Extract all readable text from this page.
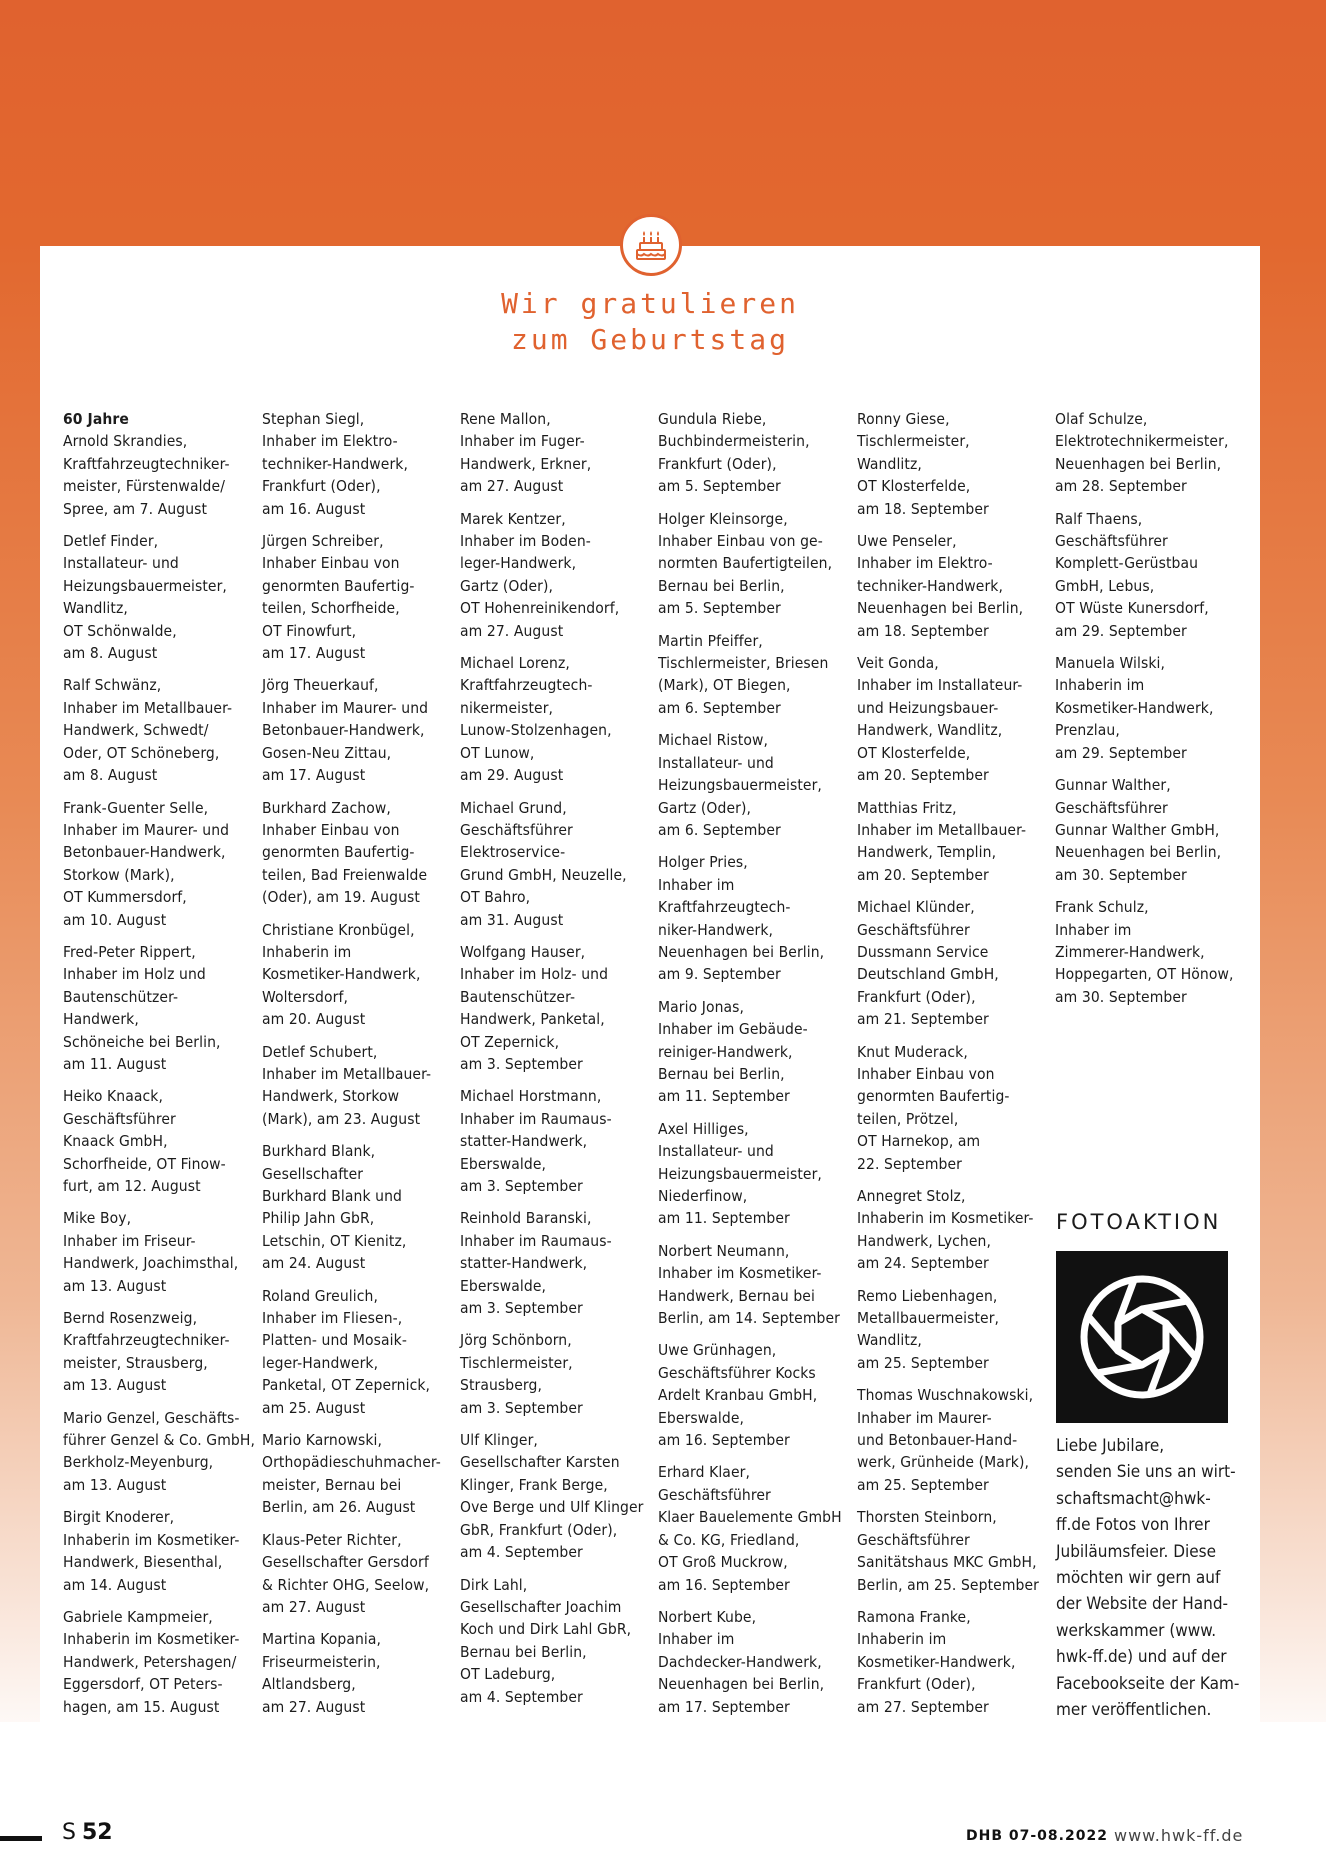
Wir gratulieren
zum Geburtstag
60 Jahre
Arnold Skrandies,
Kraftfahrzeugtechniker-
meister, Fürstenwalde/
Spree, am 7. August
Detlef Finder,
Installateur- und
Heizungsbauermeister,
Wandlitz,
OT Schönwalde,
am 8. August
Ralf Schwänz,
Inhaber im Metallbauer-
Handwerk, Schwedt/
Oder, OT Schöneberg,
am 8. August
Frank-Guenter Selle,
Inhaber im Maurer- und
Betonbauer-Handwerk,
Storkow (Mark),
OT Kummersdorf,
am 10. August
Fred-Peter Rippert,
Inhaber im Holz und
Bautenschützer-
Handwerk,
Schöneiche bei Berlin,
am 11. August
Heiko Knaack,
Geschäftsführer
Knaack GmbH,
Schorfheide, OT Finow-
furt, am 12. August
Mike Boy,
Inhaber im Friseur-
Handwerk, Joachimsthal,
am 13. August
Bernd Rosenzweig,
Kraftfahrzeugtechniker-
meister, Strausberg,
am 13. August
Mario Genzel, Geschäfts-
führer Genzel & Co. GmbH,
Berkholz-Meyenburg,
am 13. August
Birgit Knoderer,
Inhaberin im Kosmetiker-
Handwerk, Biesenthal,
am 14. August
Gabriele Kampmeier,
Inhaberin im Kosmetiker-
Handwerk, Petershagen/
Eggersdorf, OT Peters-
hagen, am 15. August
Stephan Siegl,
Inhaber im Elektro-
techniker-Handwerk,
Frankfurt (Oder),
am 16. August
Jürgen Schreiber,
Inhaber Einbau von
genormten Baufertig-
teilen, Schorfheide,
OT Finowfurt,
am 17. August
Jörg Theuerkauf,
Inhaber im Maurer- und
Betonbauer-Handwerk,
Gosen-Neu Zittau,
am 17. August
Burkhard Zachow,
Inhaber Einbau von
genormten Baufertig-
teilen, Bad Freienwalde
(Oder), am 19. August
Christiane Kronbügel,
Inhaberin im
Kosmetiker-Handwerk,
Woltersdorf,
am 20. August
Detlef Schubert,
Inhaber im Metallbauer-
Handwerk, Storkow
(Mark), am 23. August
Burkhard Blank,
Gesellschafter
Burkhard Blank und
Philip Jahn GbR,
Letschin, OT Kienitz,
am 24. August
Roland Greulich,
Inhaber im Fliesen-,
Platten- und Mosaik-
leger-Handwerk,
Panketal, OT Zepernick,
am 25. August
Mario Karnowski,
Orthopädieschuhmacher-
meister, Bernau bei
Berlin, am 26. August
Klaus-Peter Richter,
Gesellschafter Gersdorf
& Richter OHG, Seelow,
am 27. August
Martina Kopania,
Friseurmeisterin,
Altlandsberg,
am 27. August
Rene Mallon,
Inhaber im Fuger-
Handwerk, Erkner,
am 27. August
Marek Kentzer,
Inhaber im Boden-
leger-Handwerk,
Gartz (Oder),
OT Hohenreinikendorf,
am 27. August
Michael Lorenz,
Kraftfahrzeugtech-
nikermeister,
Lunow-Stolzenhagen,
OT Lunow,
am 29. August
Michael Grund,
Geschäftsführer
Elektroservice-
Grund GmbH, Neuzelle,
OT Bahro,
am 31. August
Wolfgang Hauser,
Inhaber im Holz- und
Bautenschützer-
Handwerk, Panketal,
OT Zepernick,
am 3. September
Michael Horstmann,
Inhaber im Raumaus-
statter-Handwerk,
Eberswalde,
am 3. September
Reinhold Baranski,
Inhaber im Raumaus-
statter-Handwerk,
Eberswalde,
am 3. September
Jörg Schönborn,
Tischlermeister,
Strausberg,
am 3. September
Ulf Klinger,
Gesellschafter Karsten
Klinger, Frank Berge,
Ove Berge und Ulf Klinger
GbR, Frankfurt (Oder),
am 4. September
Dirk Lahl,
Gesellschafter Joachim
Koch und Dirk Lahl GbR,
Bernau bei Berlin,
OT Ladeburg,
am 4. September
Gundula Riebe,
Buchbindermeisterin,
Frankfurt (Oder),
am 5. September
Holger Kleinsorge,
Inhaber Einbau von ge-
normten Baufertigteilen,
Bernau bei Berlin,
am 5. September
Martin Pfeiffer,
Tischlermeister, Briesen
(Mark), OT Biegen,
am 6. September
Michael Ristow,
Installateur- und
Heizungsbauermeister,
Gartz (Oder),
am 6. September
Holger Pries,
Inhaber im
Kraftfahrzeugtech-
niker-Handwerk,
Neuenhagen bei Berlin,
am 9. September
Mario Jonas,
Inhaber im Gebäude-
reiniger-Handwerk,
Bernau bei Berlin,
am 11. September
Axel Hilliges,
Installateur- und
Heizungsbauermeister,
Niederfinow,
am 11. September
Norbert Neumann,
Inhaber im Kosmetiker-
Handwerk, Bernau bei
Berlin, am 14. September
Uwe Grünhagen,
Geschäftsführer Kocks
Ardelt Kranbau GmbH,
Eberswalde,
am 16. September
Erhard Klaer,
Geschäftsführer
Klaer Bauelemente GmbH
& Co. KG, Friedland,
OT Groß Muckrow,
am 16. September
Norbert Kube,
Inhaber im
Dachdecker-Handwerk,
Neuenhagen bei Berlin,
am 17. September
Ronny Giese,
Tischlermeister,
Wandlitz,
OT Klosterfelde,
am 18. September
Uwe Penseler,
Inhaber im Elektro-
techniker-Handwerk,
Neuenhagen bei Berlin,
am 18. September
Veit Gonda,
Inhaber im Installateur-
und Heizungsbauer-
Handwerk, Wandlitz,
OT Klosterfelde,
am 20. September
Matthias Fritz,
Inhaber im Metallbauer-
Handwerk, Templin,
am 20. September
Michael Klünder,
Geschäftsführer
Dussmann Service
Deutschland GmbH,
Frankfurt (Oder),
am 21. September
Knut Muderack,
Inhaber Einbau von
genormten Baufertig-
teilen, Prötzel,
OT Harnekop, am
22. September
Annegret Stolz,
Inhaberin im Kosmetiker-
Handwerk, Lychen,
am 24. September
Remo Liebenhagen,
Metallbauermeister,
Wandlitz,
am 25. September
Thomas Wuschnakowski,
Inhaber im Maurer-
und Betonbauer-Hand-
werk, Grünheide (Mark),
am 25. September
Thorsten Steinborn,
Geschäftsführer
Sanitätshaus MKC GmbH,
Berlin, am 25. September
Ramona Franke,
Inhaberin im
Kosmetiker-Handwerk,
Frankfurt (Oder),
am 27. September
Olaf Schulze,
Elektrotechnikermeister,
Neuenhagen bei Berlin,
am 28. September
Ralf Thaens,
Geschäftsführer
Komplett-Gerüstbau
GmbH, Lebus,
OT Wüste Kunersdorf,
am 29. September
Manuela Wilski,
Inhaberin im
Kosmetiker-Handwerk,
Prenzlau,
am 29. September
Gunnar Walther,
Geschäftsführer
Gunnar Walther GmbH,
Neuenhagen bei Berlin,
am 30. September
Frank Schulz,
Inhaber im
Zimmerer-Handwerk,
Hoppegarten, OT Hönow,
am 30. September
FOTOAKTION
Liebe Jubilare,
senden Sie uns an wirt-
schaftsmacht@hwk-
ff.de Fotos von Ihrer
Jubiläumsfeier. Diese
möchten wir gern auf
der Website der Hand-
werkskammer (www.
hwk-ff.de) und auf der
Facebookseite der Kam-
mer veröffentlichen.
S 52	DHB 07-08.2022 www.hwk-ff.de
